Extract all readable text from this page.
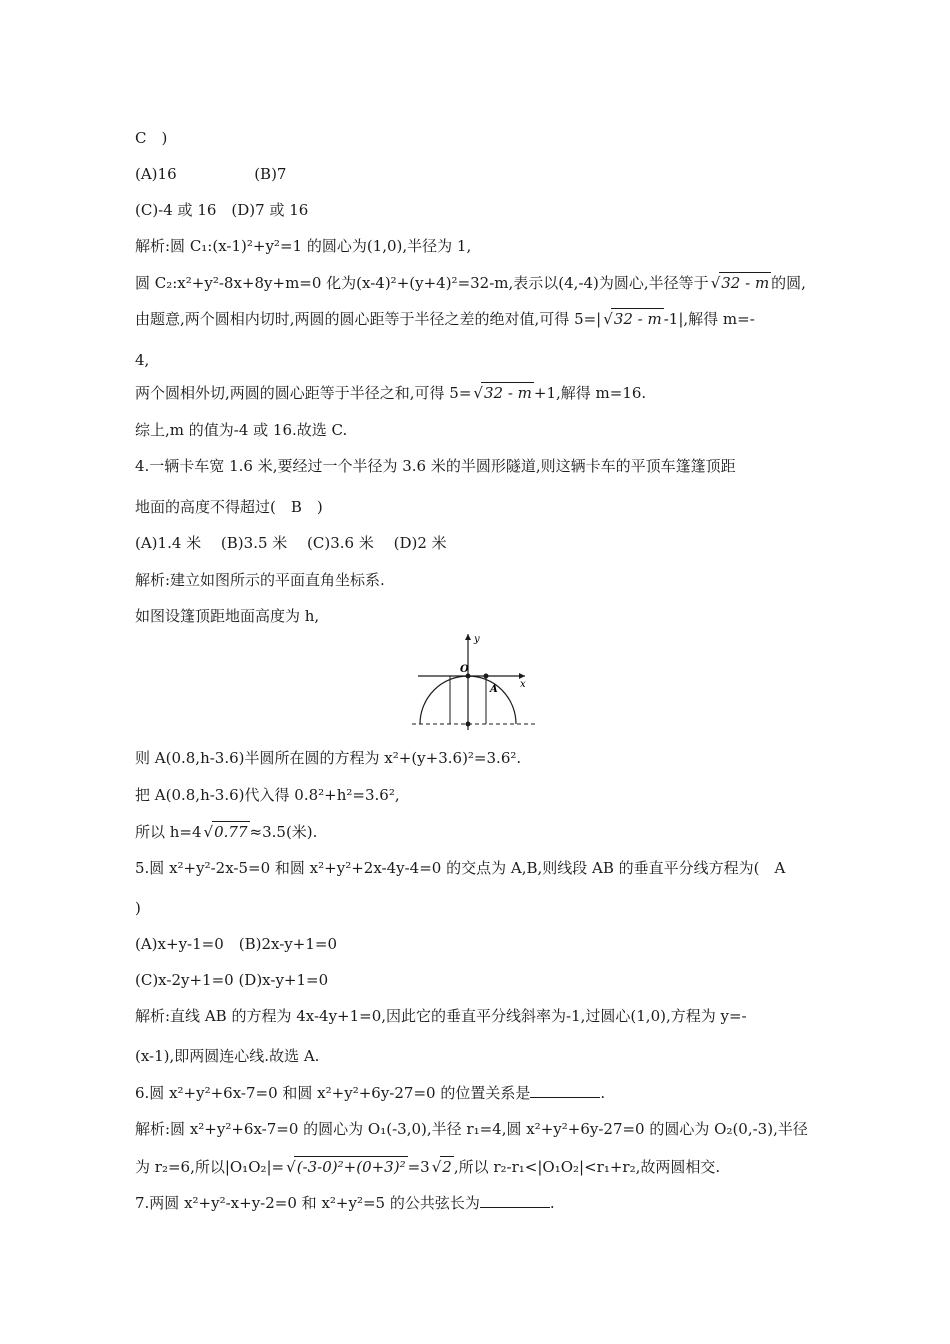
C　)
(A)16	(B)7
(C)-4 或 16　(D)7 或 16
解析:圆 C₁:(x-1)²+y²=1 的圆心为(1,0),半径为 1,
圆 C₂:x²+y²-8x+8y+m=0 化为(x-4)²+(y+4)²=32-m,表示以(4,-4)为圆心,半径等于 √ 32 - m 的圆,
由题意,两个圆相内切时,两圆的圆心距等于半径之差的绝对值,可得 5=| √ 32 - m -1|,解得 m=-
4,
两个圆相外切,两圆的圆心距等于半径之和,可得 5= √ 32 - m +1,解得 m=16.
综上,m 的值为-4 或 16.故选 C.
4.一辆卡车宽 1.6 米,要经过一个半径为 3.6 米的半圆形隧道,则这辆卡车的平顶车篷篷顶距
地面的高度不得超过(　B　)
(A)1.4 米　 (B)3.5 米　 (C)3.6 米　 (D)2 米
解析:建立如图所示的平面直角坐标系.
如图设篷顶距地面高度为 h,
y
x
O
A
则 A(0.8,h-3.6)半圆所在圆的方程为 x²+(y+3.6)²=3.6².
把 A(0.8,h-3.6)代入得 0.8²+h²=3.6²,
所以 h=4 √ 0.77 ≈3.5(米).
5.圆 x²+y²-2x-5=0 和圆 x²+y²+2x-4y-4=0 的交点为 A,B,则线段 AB 的垂直平分线方程为(　A
)
(A)x+y-1=0　(B)2x-y+1=0
(C)x-2y+1=0 (D)x-y+1=0
解析:直线 AB 的方程为 4x-4y+1=0,因此它的垂直平分线斜率为-1,过圆心(1,0),方程为 y=-
(x-1),即两圆连心线.故选 A.
6.圆 x²+y²+6x-7=0 和圆 x²+y²+6y-27=0 的位置关系是	.
解析:圆 x²+y²+6x-7=0 的圆心为 O₁(-3,0),半径 r₁=4,圆 x²+y²+6y-27=0 的圆心为 O₂(0,-3),半径
为 r₂=6,所以|O₁O₂|= √ (-3-0)²+(0+3)² =3 √ 2 ,所以 r₂-r₁<|O₁O₂|<r₁+r₂,故两圆相交.
7.两圆 x²+y²-x+y-2=0 和 x²+y²=5 的公共弦长为	.
